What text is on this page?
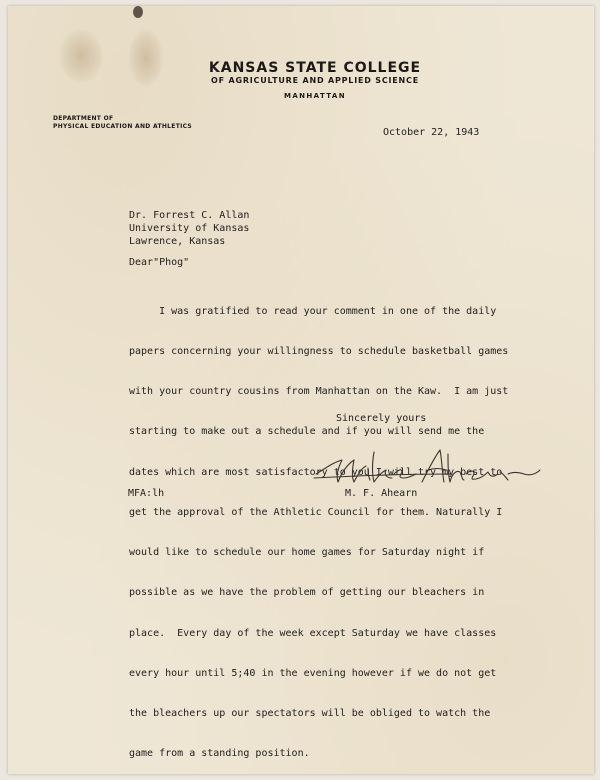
KANSAS STATE COLLEGE
OF AGRICULTURE AND APPLIED SCIENCE
MANHATTAN
DEPARTMENT OF
PHYSICAL EDUCATION AND ATHLETICS
October 22, 1943
Dr. Forrest C. Allan
University of Kansas
Lawrence, Kansas
Dear"Phog"

I was gratified to read your comment in one of the daily

papers concerning your willingness to schedule basketball games

with your country cousins from Manhattan on the Kaw.  I am just

starting to make out a schedule and if you will send me the

dates which are most satisfactory to you I will try my best to

get the approval of the Athletic Council for them. Naturally I

would like to schedule our home games for Saturday night if

possible as we have the problem of getting our bleachers in

place.  Every day of the week except Saturday we have classes

every hour until 5;40 in the evening however if we do not get

the bleachers up our spectators will be obliged to watch the

game from a standing position.

Sincerely yours
MFA:lh	M. F. Ahearn
